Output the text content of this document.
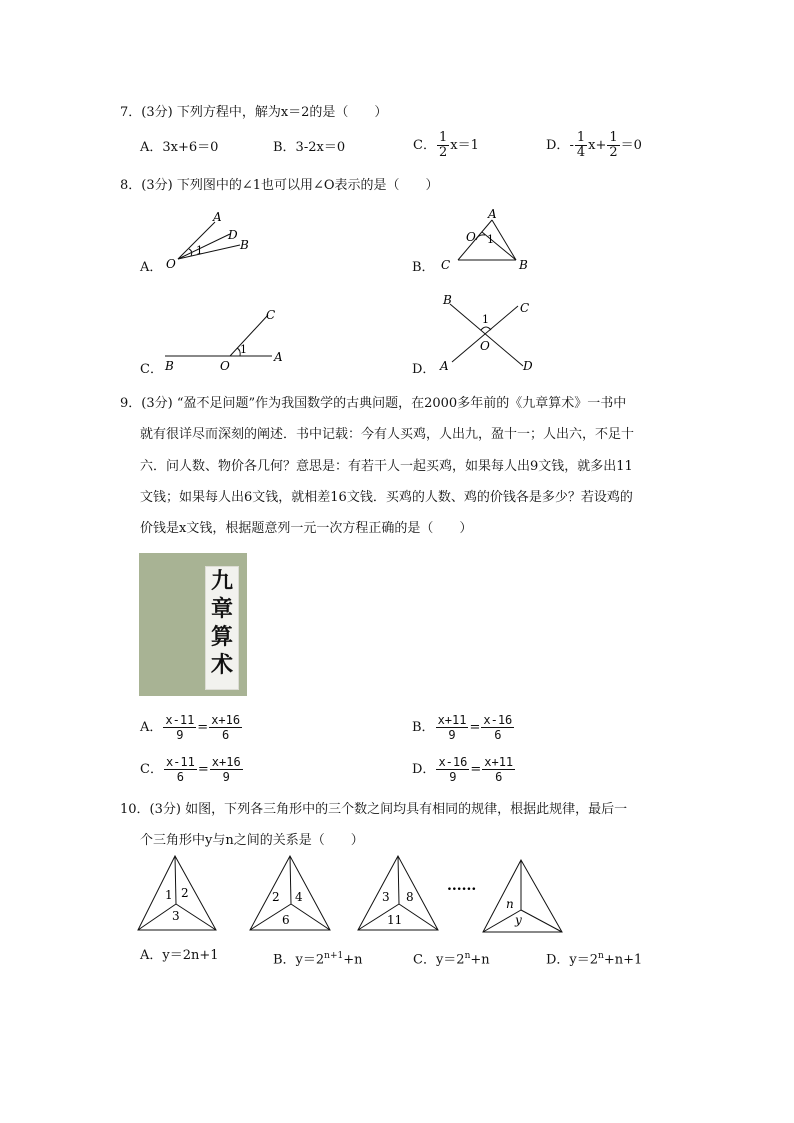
7．(3分) 下列方程中，解为x＝2的是（　　）
A．3x+6＝0	B．3-2x＝0	C． $\frac{1}{2} x=1$	D．- $\frac{1}{4} x+ \frac{1}{2} =0$
8．(3分) 下列图中的∠1也可以用∠O表示的是（　　）
A．
A
D
B
O
1
B．
A
O 1
C	B
C．
C
B	O
1
A
D．
B
C
1
O
A	D
9．(3分) “盈不足问题”作为我国数学的古典问题，在2000多年前的《九章算术》一书中
就有很详尽而深刻的阐述．书中记载：今有人买鸡，人出九，盈十一；人出六，不足十
六．问人数、物价各几何？意思是：有若干人一起买鸡，如果每人出9文钱，就多出11
文钱；如果每人出6文钱，就相差16文钱．买鸡的人数、鸡的价钱各是多少？若设鸡的
价钱是x文钱，根据题意列一元一次方程正确的是（　　）
九
章
算
术
A． $\frac{x-11}{9} = \frac{x+16}{6}$	B． $\frac{x+11}{9} = \frac{x-16}{6}$
C． $\frac{x-11}{6} = \frac{x+16}{9}$	D． $\frac{x-16}{9} = \frac{x+11}{6}$
10．(3分) 如图，下列各三角形中的三个数之间均具有相同的规律，根据此规律，最后一
个三角形中y与n之间的关系是（　　）
1 2
3
2 4
6
3 8
11
......
n
y
A．y＝2n+1	B．$y=2^{n+1}+n$	C．$y=2^n+n$	D．$y=2^n+n+1$
